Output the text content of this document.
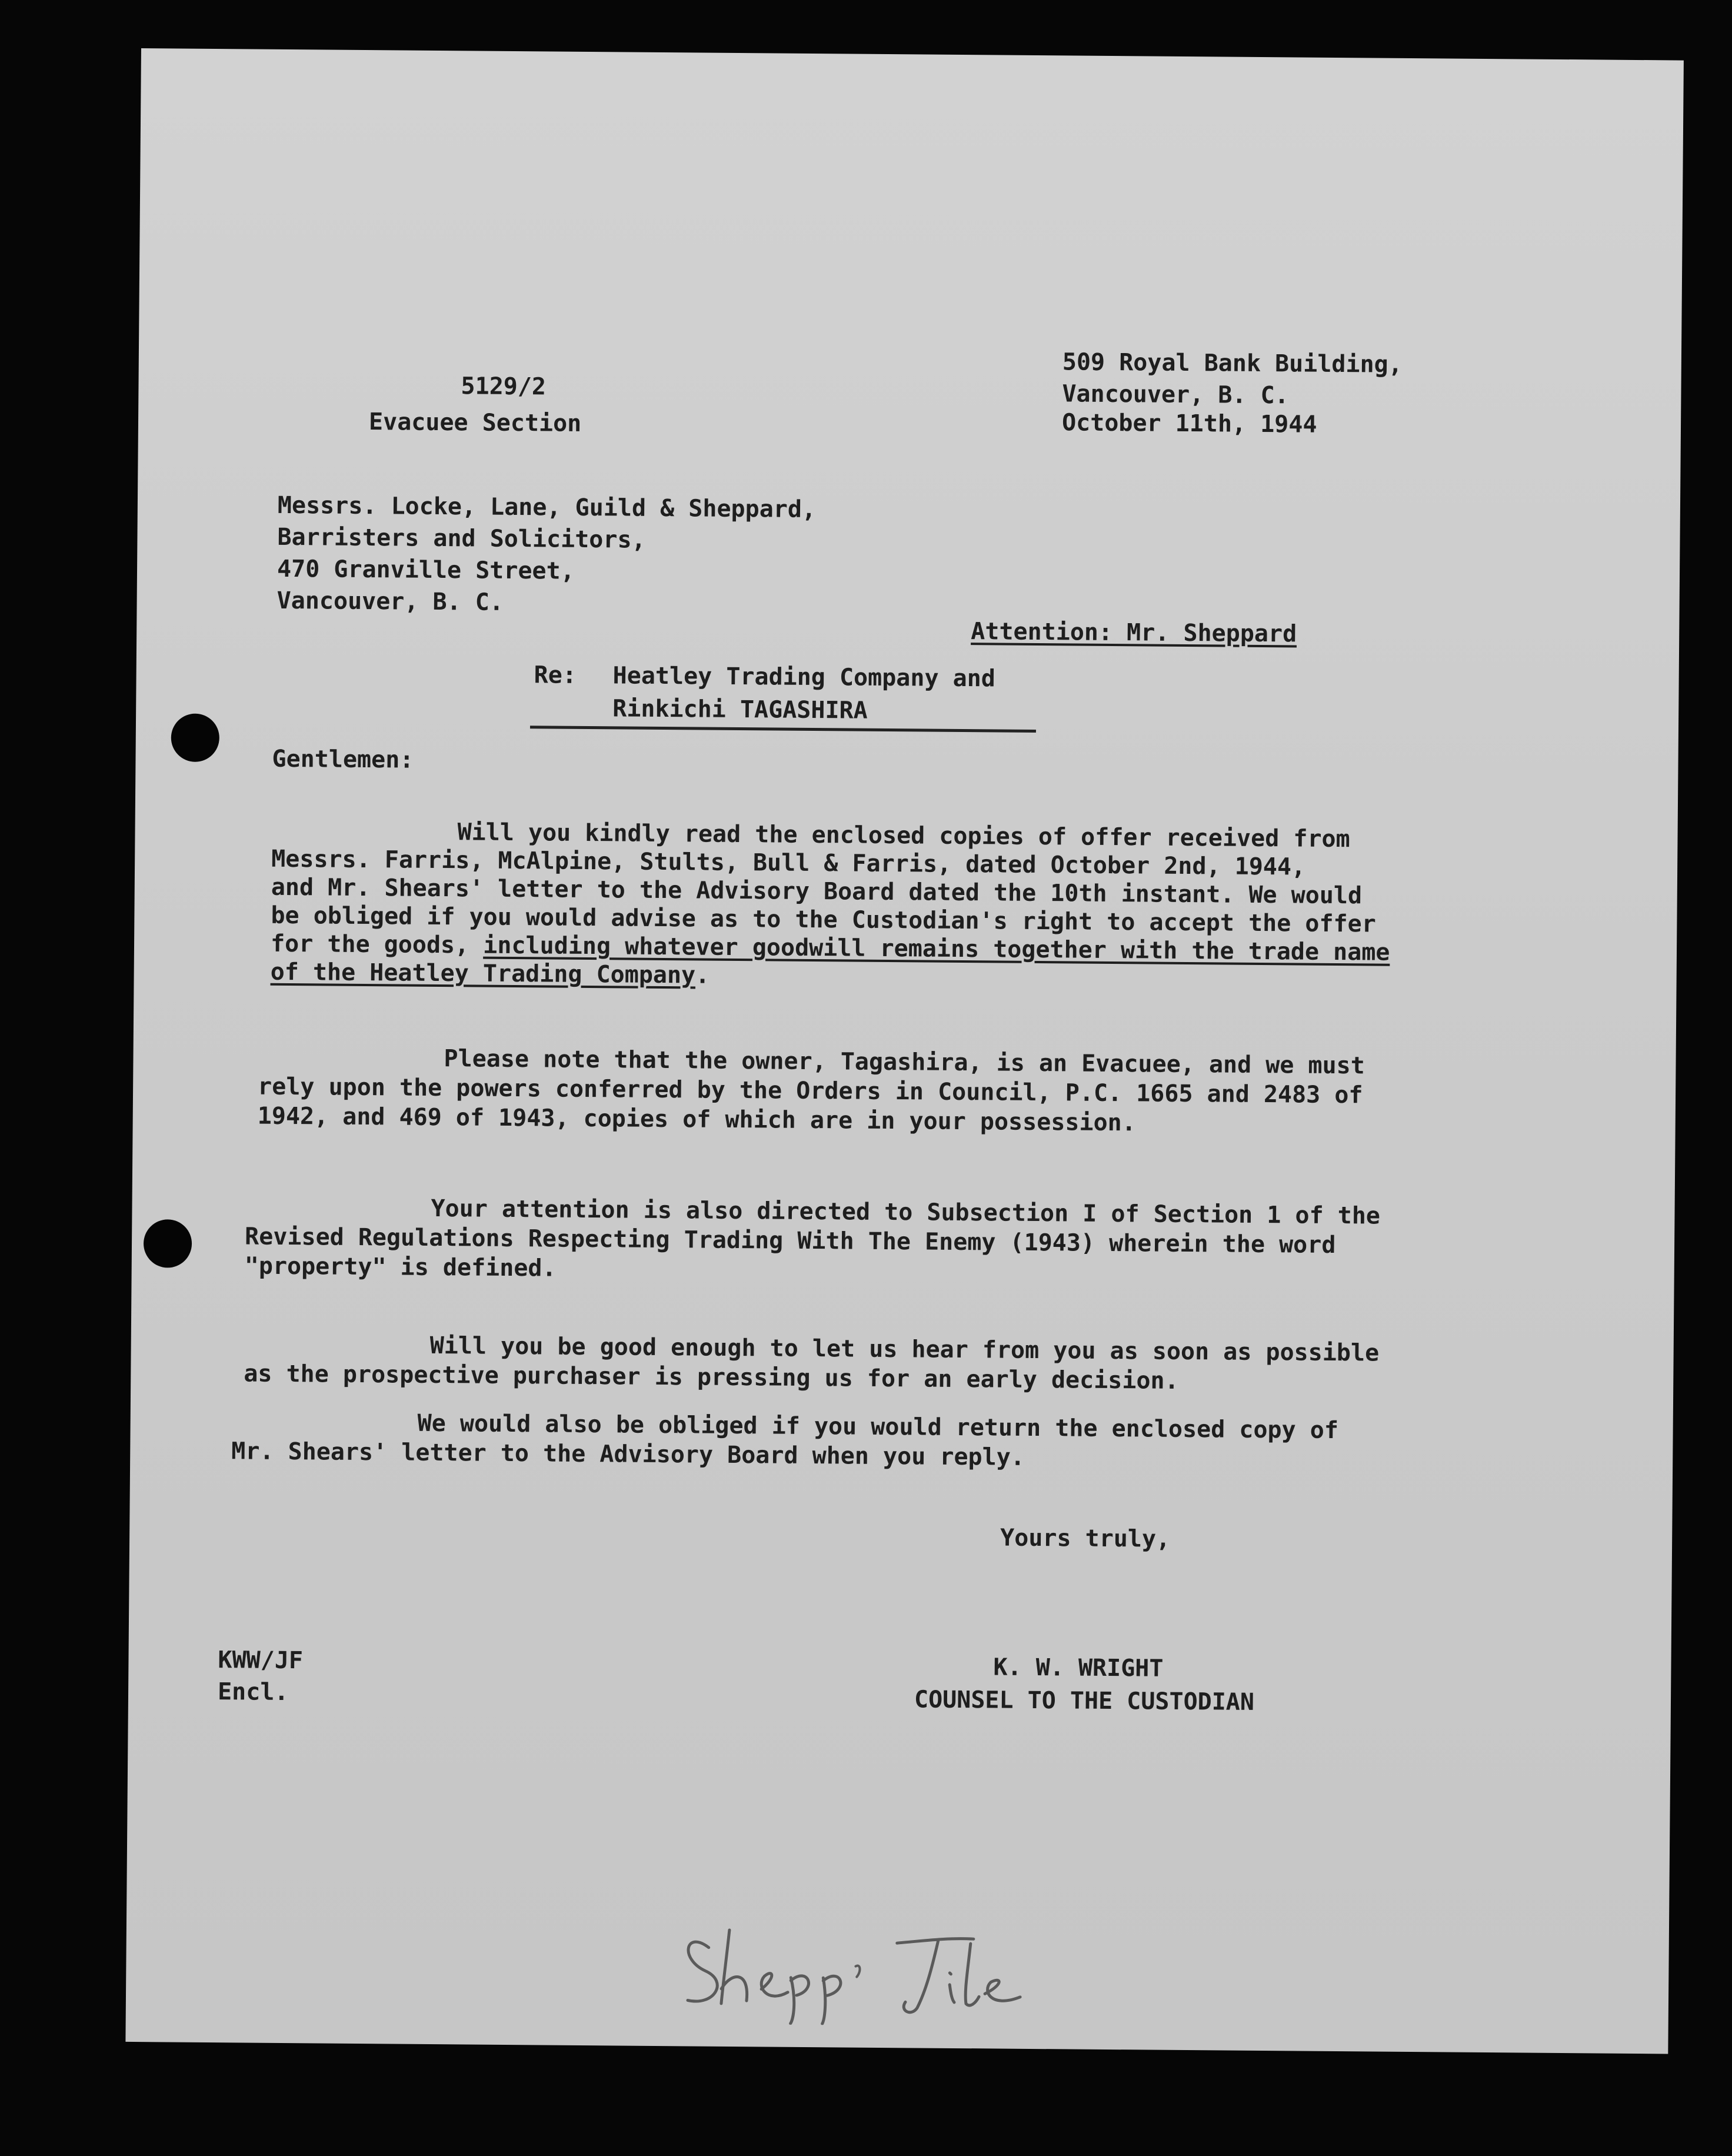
5129/2
Evacuee Section
509 Royal Bank Building,
Vancouver, B. C.
October 11th, 1944
Messrs. Locke, Lane, Guild & Sheppard,
Barristers and Solicitors,
470 Granville Street,
Vancouver, B. C.
Attention: Mr. Sheppard
Re: Heatley Trading Company and
Rinkichi TAGASHIRA
Gentlemen:
Will you kindly read the enclosed copies of offer received from
Messrs. Farris, McAlpine, Stults, Bull & Farris, dated October 2nd, 1944,
and Mr. Shears' letter to the Advisory Board dated the 10th instant. We would
be obliged if you would advise as to the Custodian's right to accept the offer
for the goods, including whatever goodwill remains together with the trade name
of the Heatley Trading Company.
Please note that the owner, Tagashira, is an Evacuee, and we must
rely upon the powers conferred by the Orders in Council, P.C. 1665 and 2483 of
1942, and 469 of 1943, copies of which are in your possession.
Your attention is also directed to Subsection I of Section 1 of the
Revised Regulations Respecting Trading With The Enemy (1943) wherein the word
"property" is defined.
Will you be good enough to let us hear from you as soon as possible
as the prospective purchaser is pressing us for an early decision.
We would also be obliged if you would return the enclosed copy of
Mr. Shears' letter to the Advisory Board when you reply.
Yours truly,
KWW/JF
Encl.
K. W. WRIGHT
COUNSEL TO THE CUSTODIAN
